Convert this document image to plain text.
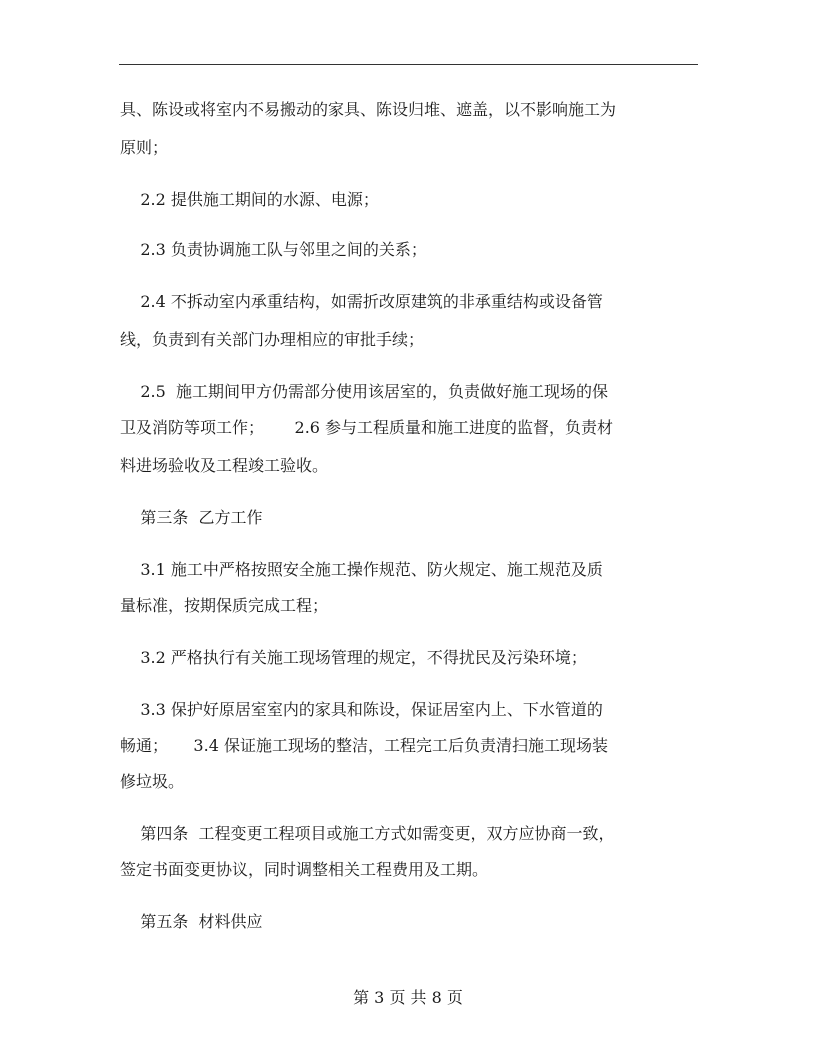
具、陈设或将室内不易搬动的家具、陈设归堆、遮盖，以不影响施工为
原则；
2.2 提供施工期间的水源、电源；
2.3 负责协调施工队与邻里之间的关系；
2.4 不拆动室内承重结构，如需折改原建筑的非承重结构或设备管
线，负责到有关部门办理相应的审批手续；
2.5  施工期间甲方仍需部分使用该居室的，负责做好施工现场的保
卫及消防等项工作；      2.6 参与工程质量和施工进度的监督，负责材
料进场验收及工程竣工验收。
第三条  乙方工作
3.1 施工中严格按照安全施工操作规范、防火规定、施工规范及质
量标准，按期保质完成工程；
3.2 严格执行有关施工现场管理的规定，不得扰民及污染环境；
3.3 保护好原居室室内的家具和陈设，保证居室内上、下水管道的
畅通；     3.4 保证施工现场的整洁，工程完工后负责清扫施工现场装
修垃圾。
第四条  工程变更工程项目或施工方式如需变更，双方应协商一致，
签定书面变更协议，同时调整相关工程费用及工期。
第五条  材料供应
第 3 页 共 8 页
